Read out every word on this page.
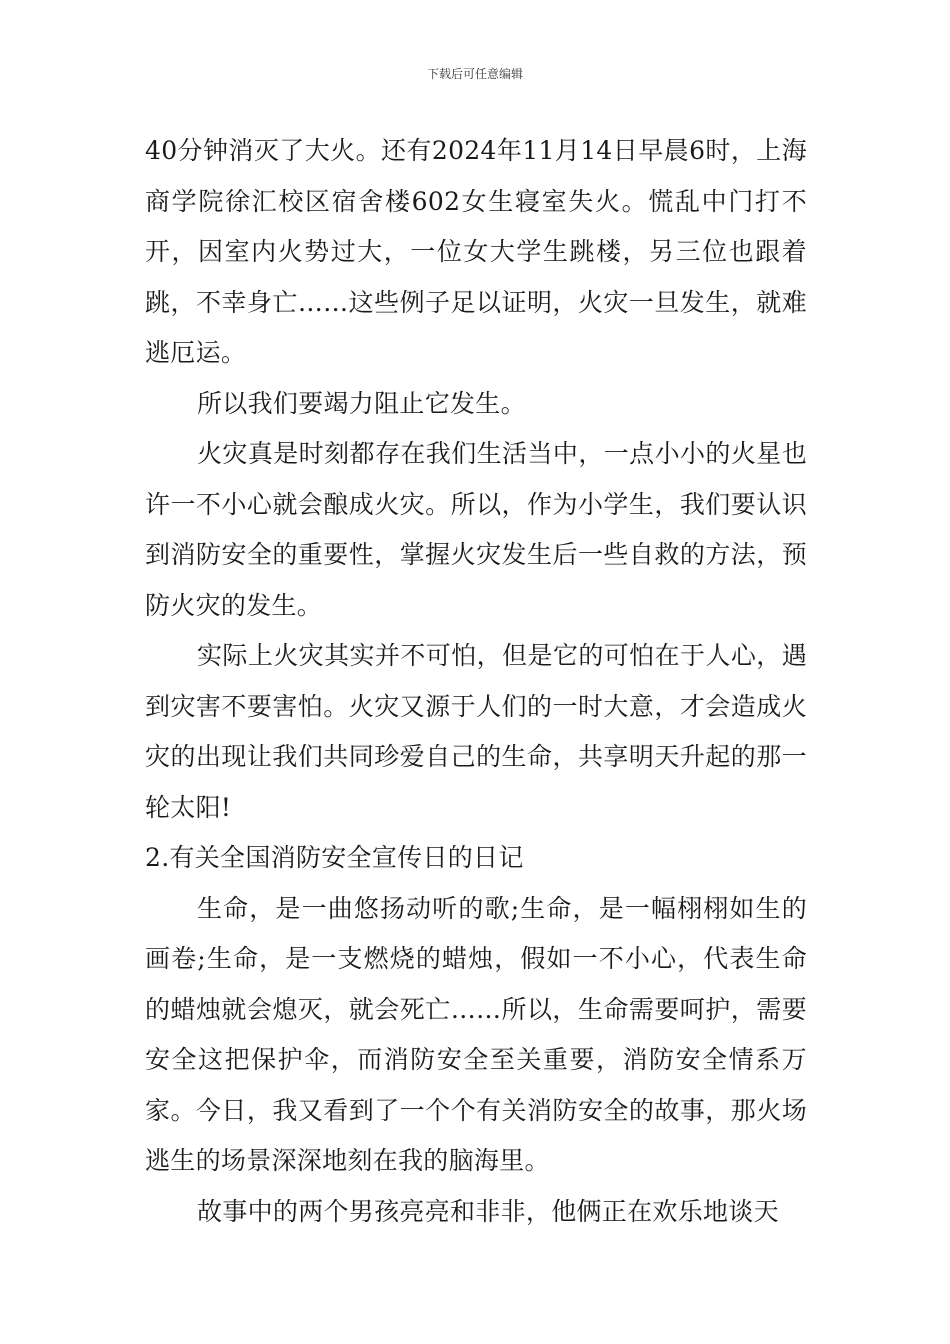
下载后可任意编辑

40分钟消灭了大火。还有2024年11月14日早晨6时，上海商学院徐汇校区宿舍楼602女生寝室失火。慌乱中门打不开，因室内火势过大，一位女大学生跳楼，另三位也跟着跳，不幸身亡……这些例子足以证明，火灾一旦发生，就难逃厄运。

所以我们要竭力阻止它发生。

火灾真是时刻都存在我们生活当中，一点小小的火星也许一不小心就会酿成火灾。所以，作为小学生，我们要认识到消防安全的重要性，掌握火灾发生后一些自救的方法，预防火灾的发生。

实际上火灾其实并不可怕，但是它的可怕在于人心，遇到灾害不要害怕。火灾又源于人们的一时大意，才会造成火灾的出现让我们共同珍爱自己的生命，共享明天升起的那一轮太阳!

2.有关全国消防安全宣传日的日记

生命，是一曲悠扬动听的歌;生命，是一幅栩栩如生的画卷;生命，是一支燃烧的蜡烛，假如一不小心，代表生命的蜡烛就会熄灭，就会死亡……所以，生命需要呵护，需要安全这把保护伞，而消防安全至关重要，消防安全情系万家。今日，我又看到了一个个有关消防安全的故事，那火场逃生的场景深深地刻在我的脑海里。

故事中的两个男孩亮亮和非非，他俩正在欢乐地谈天
